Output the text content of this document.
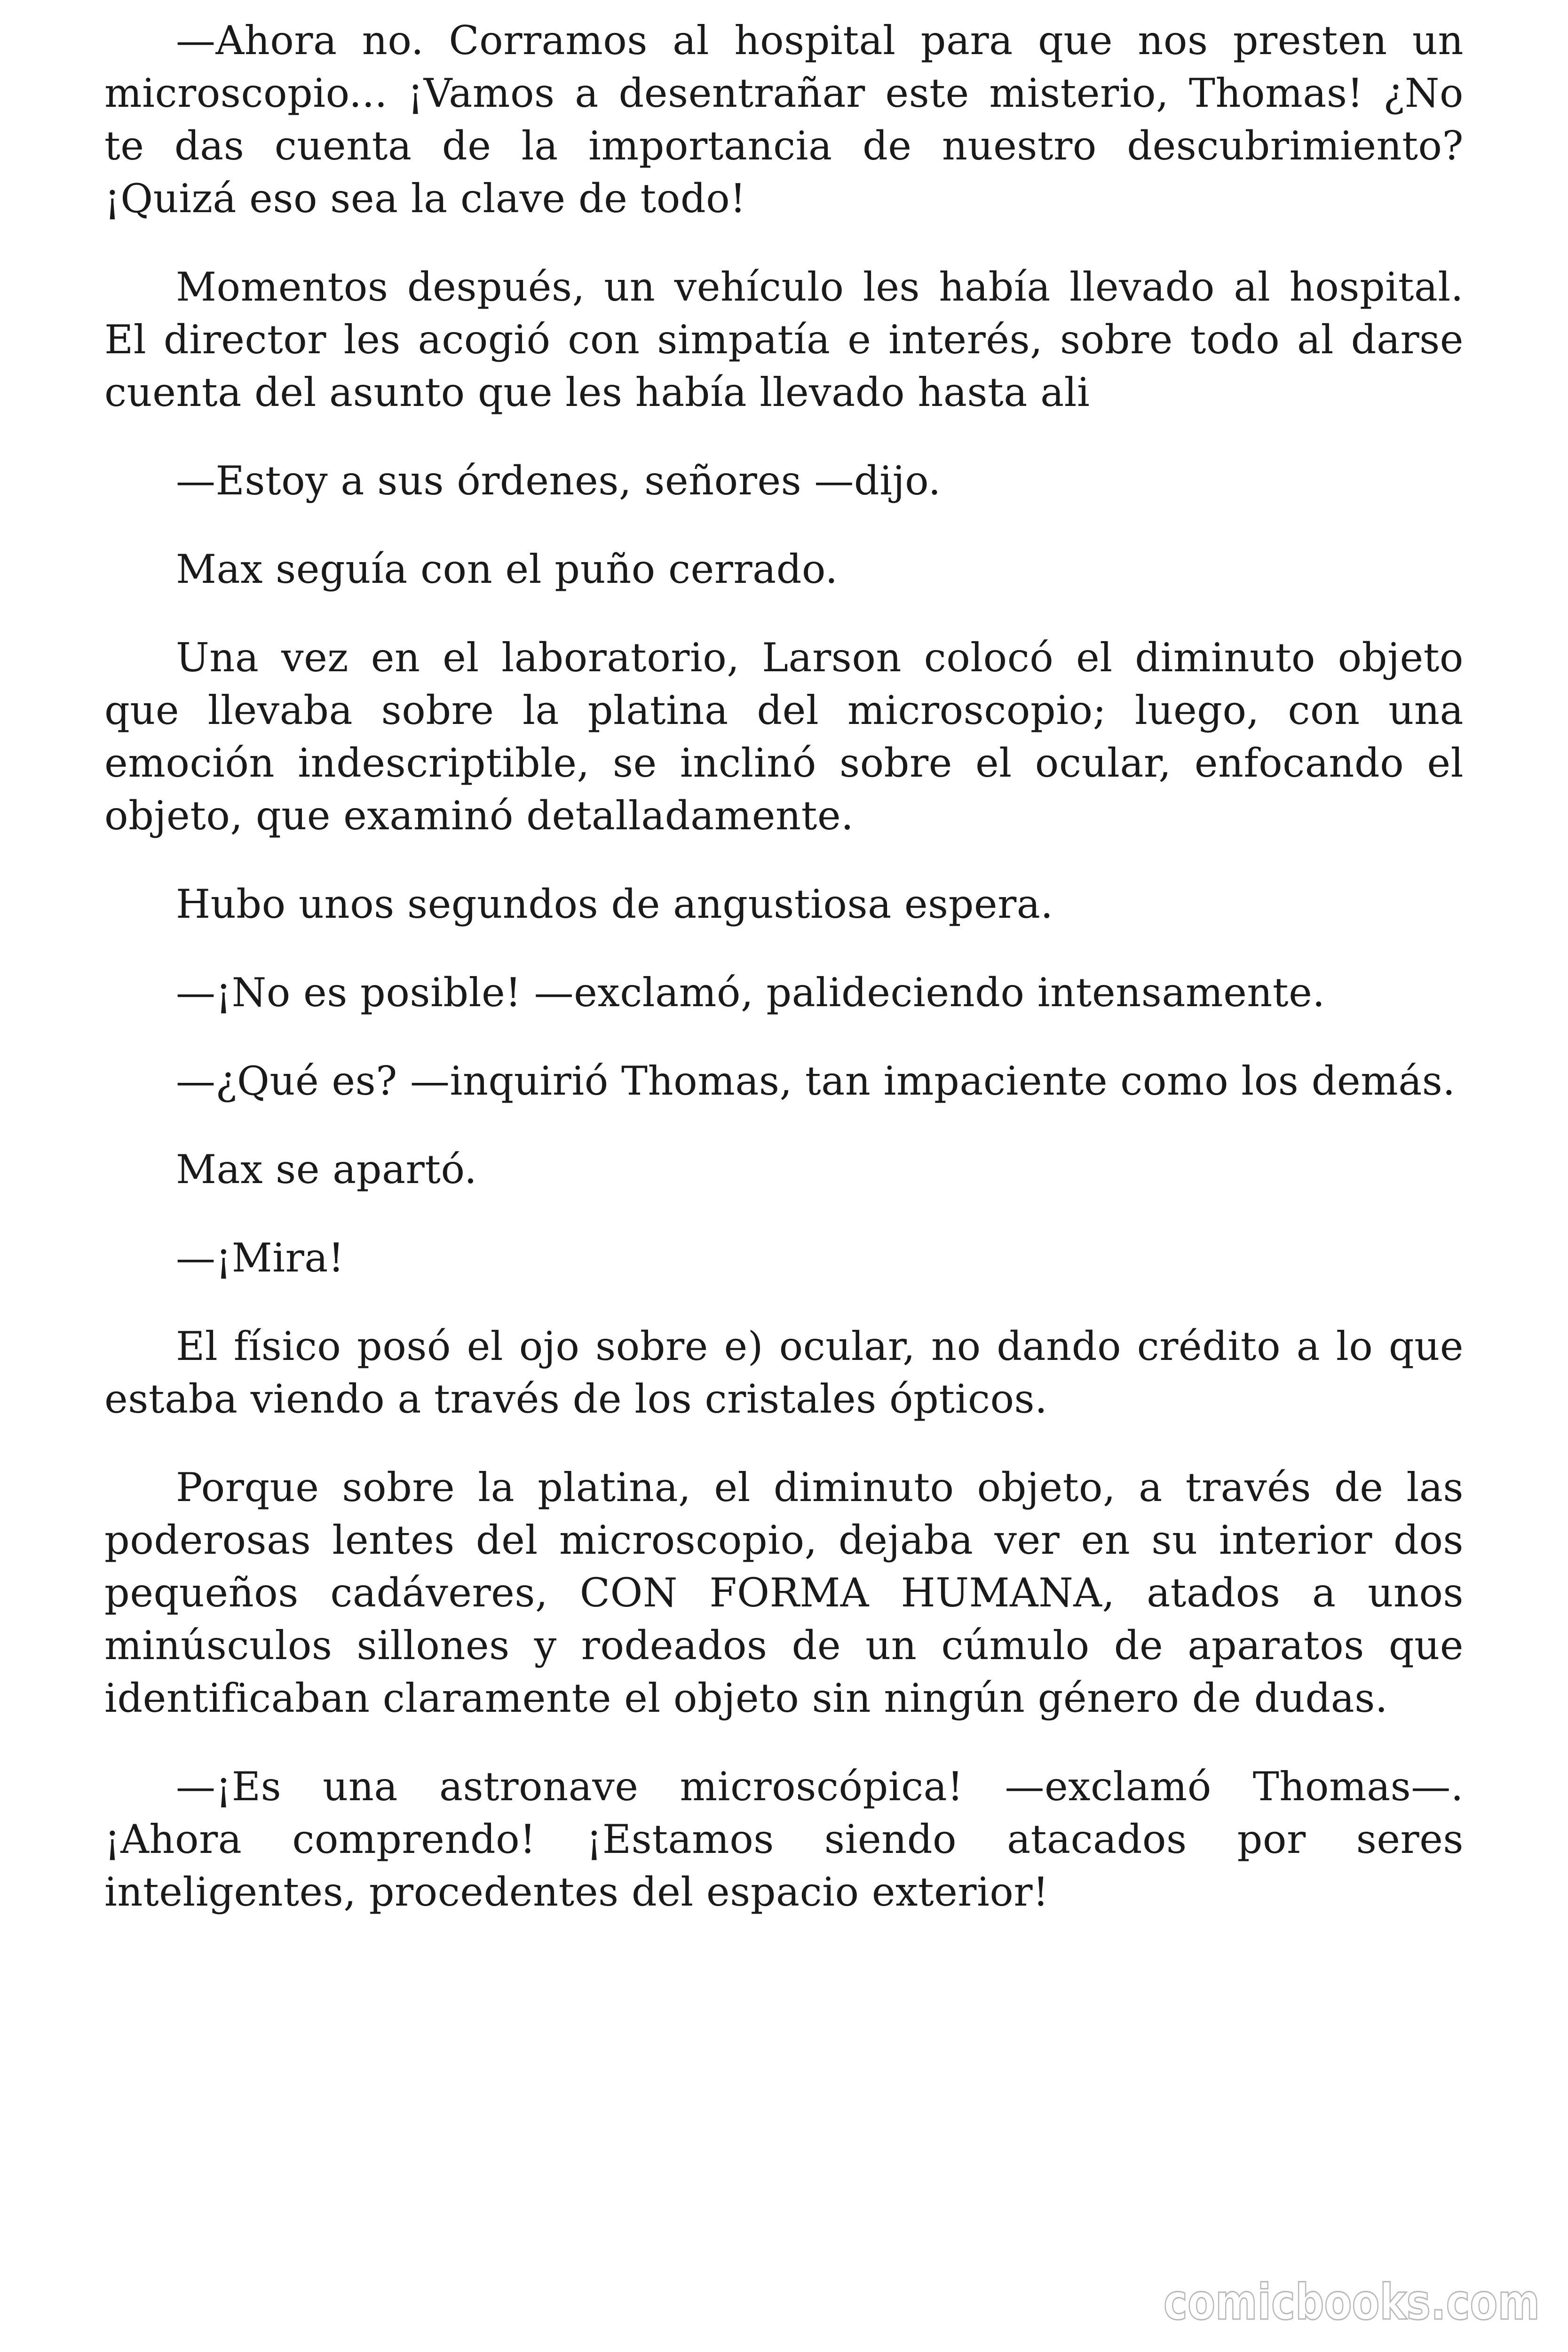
—Ahora no. Corramos al hospital para que nos presten un microscopio... ¡Vamos a desentrañar este misterio, Thomas! ¿No te das cuenta de la importancia de nuestro descubrimiento? ¡Quizá eso sea la clave de todo!

Momentos después, un vehículo les había llevado al hospital. El director les acogió con simpatía e interés, sobre todo al darse cuenta del asunto que les había llevado hasta ali

—Estoy a sus órdenes, señores —dijo.

Max seguía con el puño cerrado.

Una vez en el laboratorio, Larson colocó el diminuto objeto que llevaba sobre la platina del microscopio; luego, con una emoción indescriptible, se inclinó sobre el ocular, enfocando el objeto, que examinó detalladamente.

Hubo unos segundos de angustiosa espera.

—¡No es posible! —exclamó, palideciendo intensamente.

—¿Qué es? —inquirió Thomas, tan impaciente como los demás.

Max se apartó.

—¡Mira!

El físico posó el ojo sobre e) ocular, no dando crédito a lo que estaba viendo a través de los cristales ópticos.

Porque sobre la platina, el diminuto objeto, a través de las poderosas lentes del microscopio, dejaba ver en su interior dos pequeños cadáveres, CON FORMA HUMANA, atados a unos minúsculos sillones y rodeados de un cúmulo de aparatos que identificaban claramente el objeto sin ningún género de dudas.

—¡Es una astronave microscópica! —exclamó Thomas—. ¡Ahora comprendo! ¡Estamos siendo atacados por seres inteligentes, procedentes del espacio exterior!

comicbooks.com
